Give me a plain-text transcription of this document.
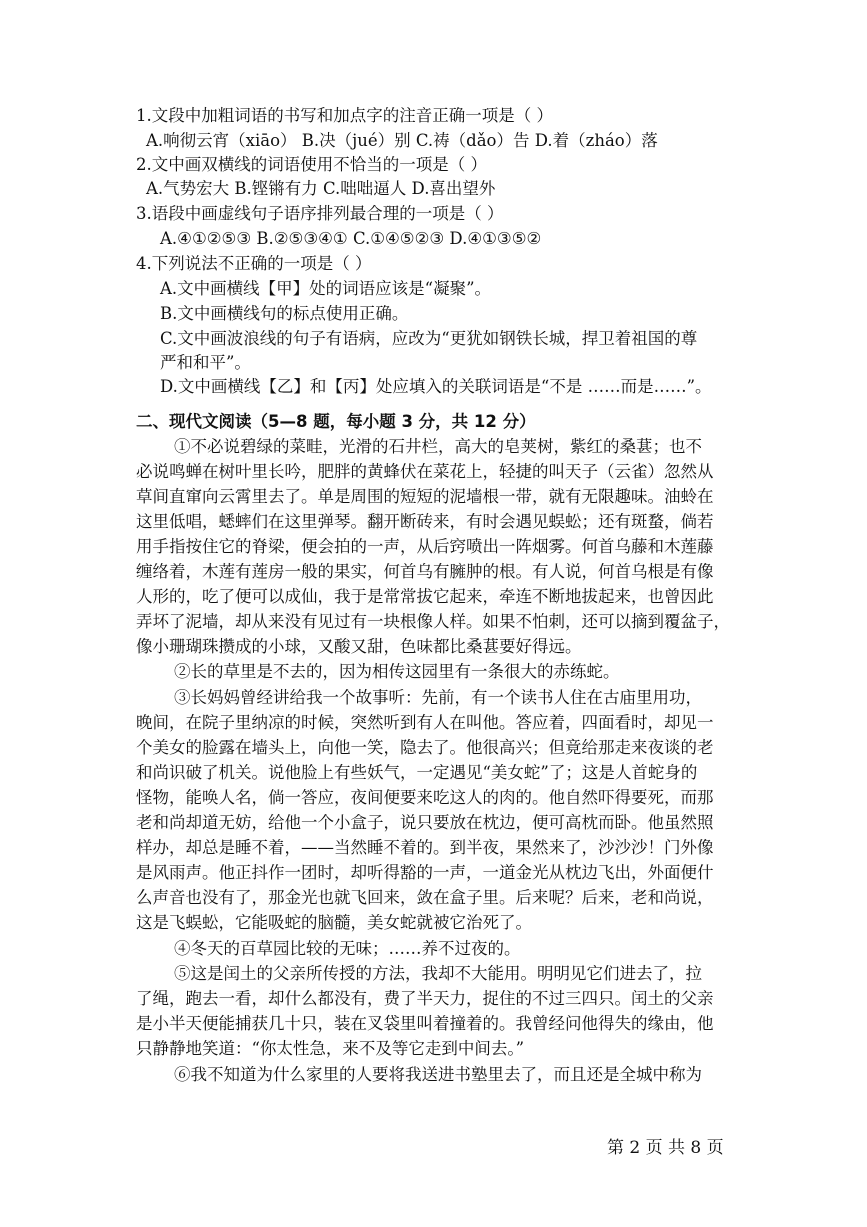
1.文段中加粗词语的书写和加点字的注音正确一项是（ ）
A.响彻云宵（xiāo） B.决（jué）别 C.祷（dǎo）告 D.着（zháo）落
2.文中画双横线的词语使用不恰当的一项是（ ）
A.气势宏大 B.铿锵有力 C.咄咄逼人 D.喜出望外
3.语段中画虚线句子语序排列最合理的一项是（ ）
A.④①②⑤③ B.②⑤③④① C.①④⑤②③ D.④①③⑤②
4.下列说法不正确的一项是（ ）
A.文中画横线【甲】处的词语应该是“凝聚”。
B.文中画横线句的标点使用正确。
C.文中画波浪线的句子有语病，应改为“更犹如钢铁长城，捍卫着祖国的尊
严和和平”。
D.文中画横线【乙】和【丙】处应填入的关联词语是“不是 ……而是……”。
二、现代文阅读（5—8 题，每小题 3 分，共 12 分）
①不必说碧绿的菜畦，光滑的石井栏，高大的皂荚树，紫红的桑葚；也不
必说鸣蝉在树叶里长吟，肥胖的黄蜂伏在菜花上，轻捷的叫天子（云雀）忽然从
草间直窜向云霄里去了。单是周围的短短的泥墙根一带，就有无限趣味。油蛉在
这里低唱，蟋蟀们在这里弹琴。翻开断砖来，有时会遇见蜈蚣；还有斑蝥，倘若
用手指按住它的脊梁，便会拍的一声，从后窍喷出一阵烟雾。何首乌藤和木莲藤
缠络着，木莲有莲房一般的果实，何首乌有臃肿的根。有人说，何首乌根是有像
人形的，吃了便可以成仙，我于是常常拔它起来，牵连不断地拔起来，也曾因此
弄坏了泥墙，却从来没有见过有一块根像人样。如果不怕刺，还可以摘到覆盆子，
像小珊瑚珠攒成的小球，又酸又甜，色味都比桑葚要好得远。
②长的草里是不去的，因为相传这园里有一条很大的赤练蛇。
③长妈妈曾经讲给我一个故事听：先前，有一个读书人住在古庙里用功，
晚间，在院子里纳凉的时候，突然听到有人在叫他。答应着，四面看时，却见一
个美女的脸露在墙头上，向他一笑，隐去了。他很高兴；但竟给那走来夜谈的老
和尚识破了机关。说他脸上有些妖气，一定遇见“美女蛇”了；这是人首蛇身的
怪物，能唤人名，倘一答应，夜间便要来吃这人的肉的。他自然吓得要死，而那
老和尚却道无妨，给他一个小盒子，说只要放在枕边，便可高枕而卧。他虽然照
样办，却总是睡不着，——当然睡不着的。到半夜，果然来了，沙沙沙！门外像
是风雨声。他正抖作一团时，却听得豁的一声，一道金光从枕边飞出，外面便什
么声音也没有了，那金光也就飞回来，敛在盒子里。后来呢？后来，老和尚说，
这是飞蜈蚣，它能吸蛇的脑髓，美女蛇就被它治死了。
④冬天的百草园比较的无味；……养不过夜的。
⑤这是闰土的父亲所传授的方法，我却不大能用。明明见它们进去了，拉
了绳，跑去一看，却什么都没有，费了半天力，捉住的不过三四只。闰土的父亲
是小半天便能捕获几十只，装在叉袋里叫着撞着的。我曾经问他得失的缘由，他
只静静地笑道：“你太性急，来不及等它走到中间去。”
⑥我不知道为什么家里的人要将我送进书塾里去了，而且还是全城中称为
第 2 页 共 8 页
